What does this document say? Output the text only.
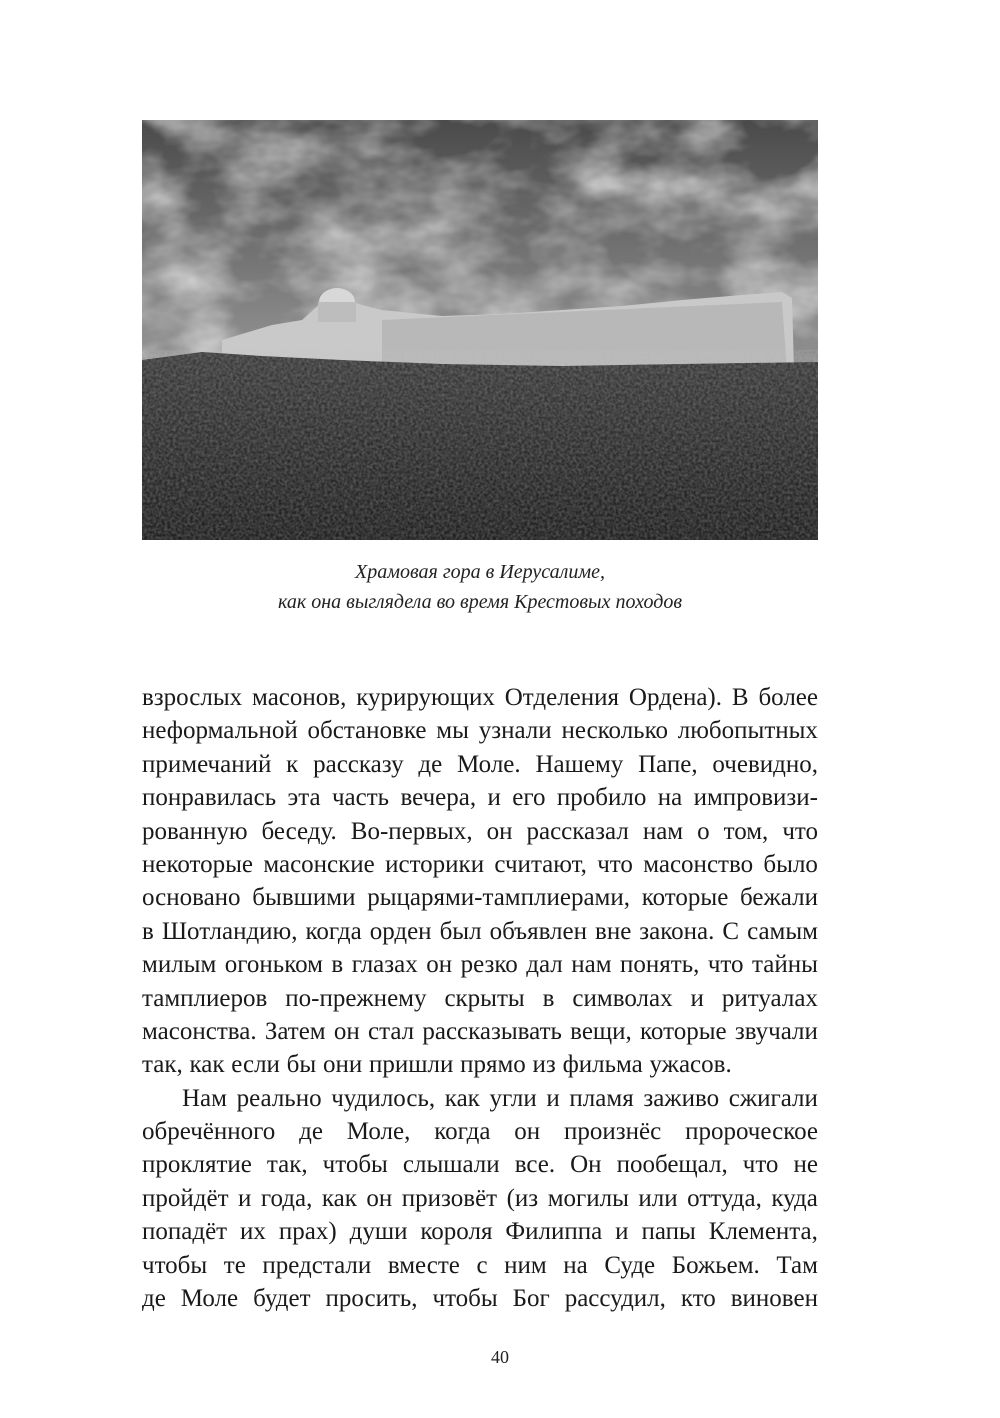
Храмовая гора в Иерусалиме,
как она выглядела во время Крестовых походов
взрослых масонов, курирующих Отделения Ордена). В более
неформальной обстановке мы узнали несколько любопытных
примечаний к рассказу де Моле. Нашему Папе, очевидно,
понравилась эта часть вечера, и его пробило на импровизи-
рованную беседу. Во-первых, он рассказал нам о том, что
некоторые масонские историки считают, что масонство было
основано бывшими рыцарями-тамплиерами, которые бежали
в Шотландию, когда орден был объявлен вне закона. С самым
милым огоньком в глазах он резко дал нам понять, что тайны
тамплиеров по-прежнему скрыты в символах и ритуалах
масонства. Затем он стал рассказывать вещи, которые звучали
так, как если бы они пришли прямо из фильма ужасов.
Нам реально чудилось, как угли и пламя заживо сжигали
обречённого де Моле, когда он произнёс пророческое
проклятие так, чтобы слышали все. Он пообещал, что не
пройдёт и года, как он призовёт (из могилы или оттуда, куда
попадёт их прах) души короля Филиппа и папы Клемента,
чтобы те предстали вместе с ним на Суде Божьем. Там
де Моле будет просить, чтобы Бог рассудил, кто виновен
40
